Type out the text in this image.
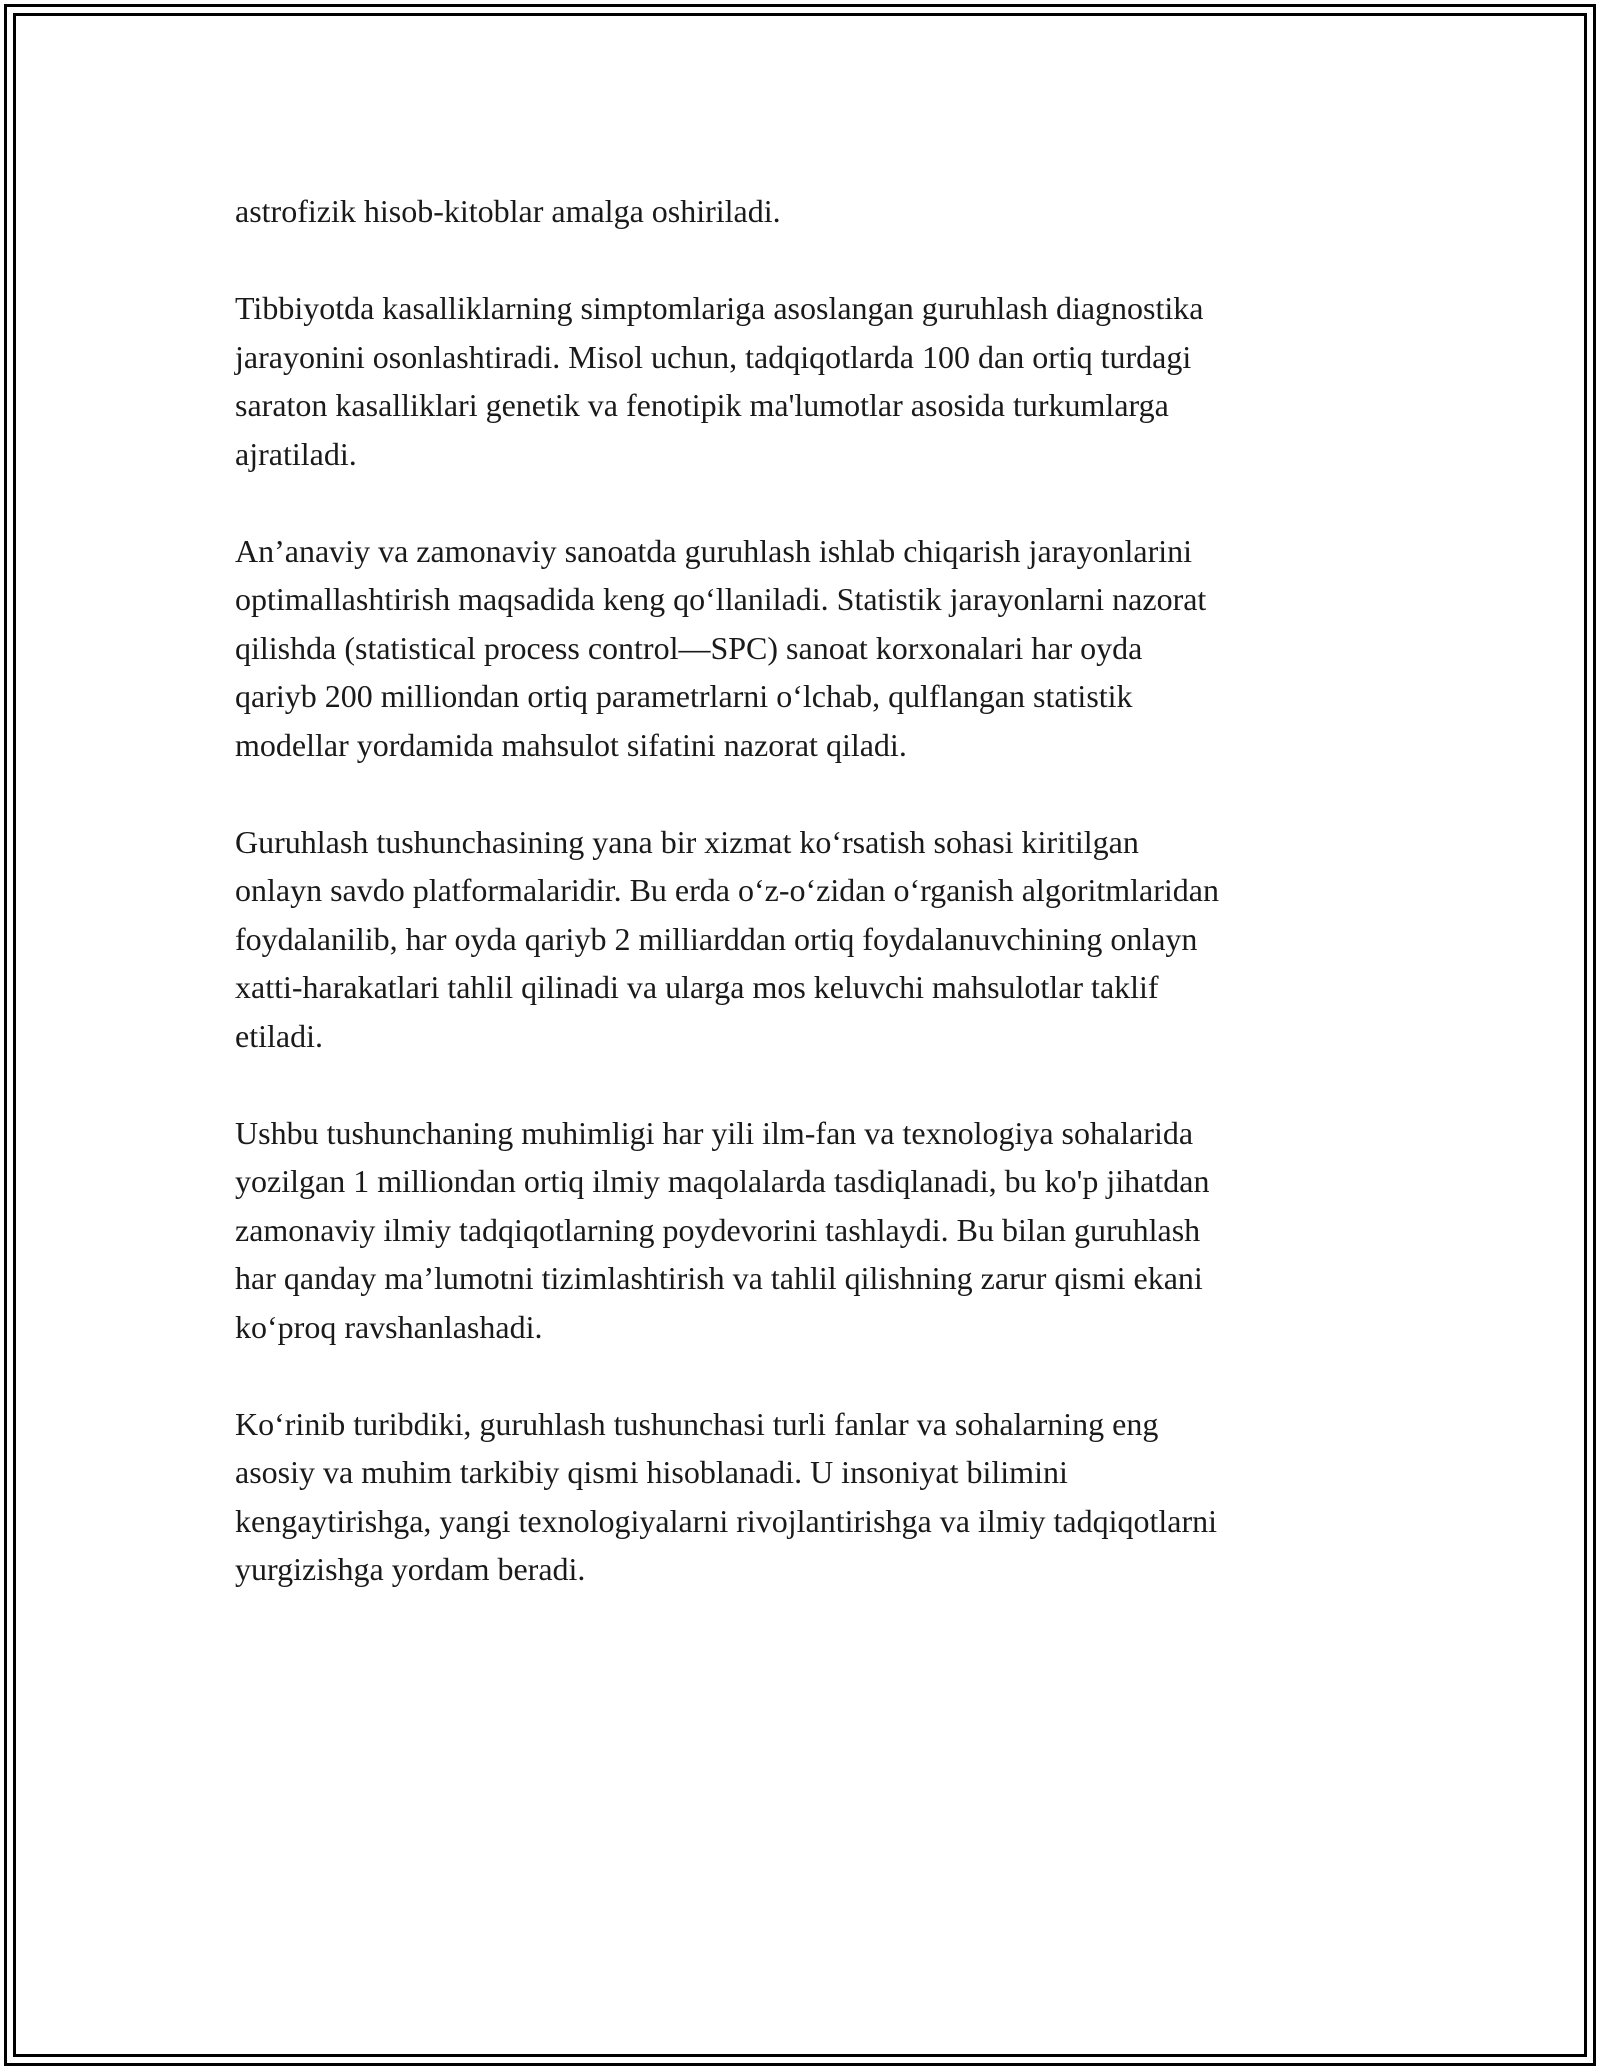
astrofizik hisob-kitoblar amalga oshiriladi.

Tibbiyotda kasalliklarning simptomlariga asoslangan guruhlash diagnostika
jarayonini osonlashtiradi. Misol uchun, tadqiqotlarda 100 dan ortiq turdagi
saraton kasalliklari genetik va fenotipik ma'lumotlar asosida turkumlarga
ajratiladi.

An’anaviy va zamonaviy sanoatda guruhlash ishlab chiqarish jarayonlarini
optimallashtirish maqsadida keng qo‘llaniladi. Statistik jarayonlarni nazorat
qilishda (statistical process control—SPC) sanoat korxonalari har oyda
qariyb 200 milliondan ortiq parametrlarni o‘lchab, qulflangan statistik
modellar yordamida mahsulot sifatini nazorat qiladi.

Guruhlash tushunchasining yana bir xizmat ko‘rsatish sohasi kiritilgan
onlayn savdo platformalaridir. Bu erda o‘z-o‘zidan o‘rganish algoritmlaridan
foydalanilib, har oyda qariyb 2 milliarddan ortiq foydalanuvchining onlayn
xatti-harakatlari tahlil qilinadi va ularga mos keluvchi mahsulotlar taklif
etiladi.

Ushbu tushunchaning muhimligi har yili ilm-fan va texnologiya sohalarida
yozilgan 1 milliondan ortiq ilmiy maqolalarda tasdiqlanadi, bu ko'p jihatdan
zamonaviy ilmiy tadqiqotlarning poydevorini tashlaydi. Bu bilan guruhlash
har qanday ma’lumotni tizimlashtirish va tahlil qilishning zarur qismi ekani
ko‘proq ravshanlashadi.

Ko‘rinib turibdiki, guruhlash tushunchasi turli fanlar va sohalarning eng
asosiy va muhim tarkibiy qismi hisoblanadi. U insoniyat bilimini
kengaytirishga, yangi texnologiyalarni rivojlantirishga va ilmiy tadqiqotlarni
yurgizishga yordam beradi.
